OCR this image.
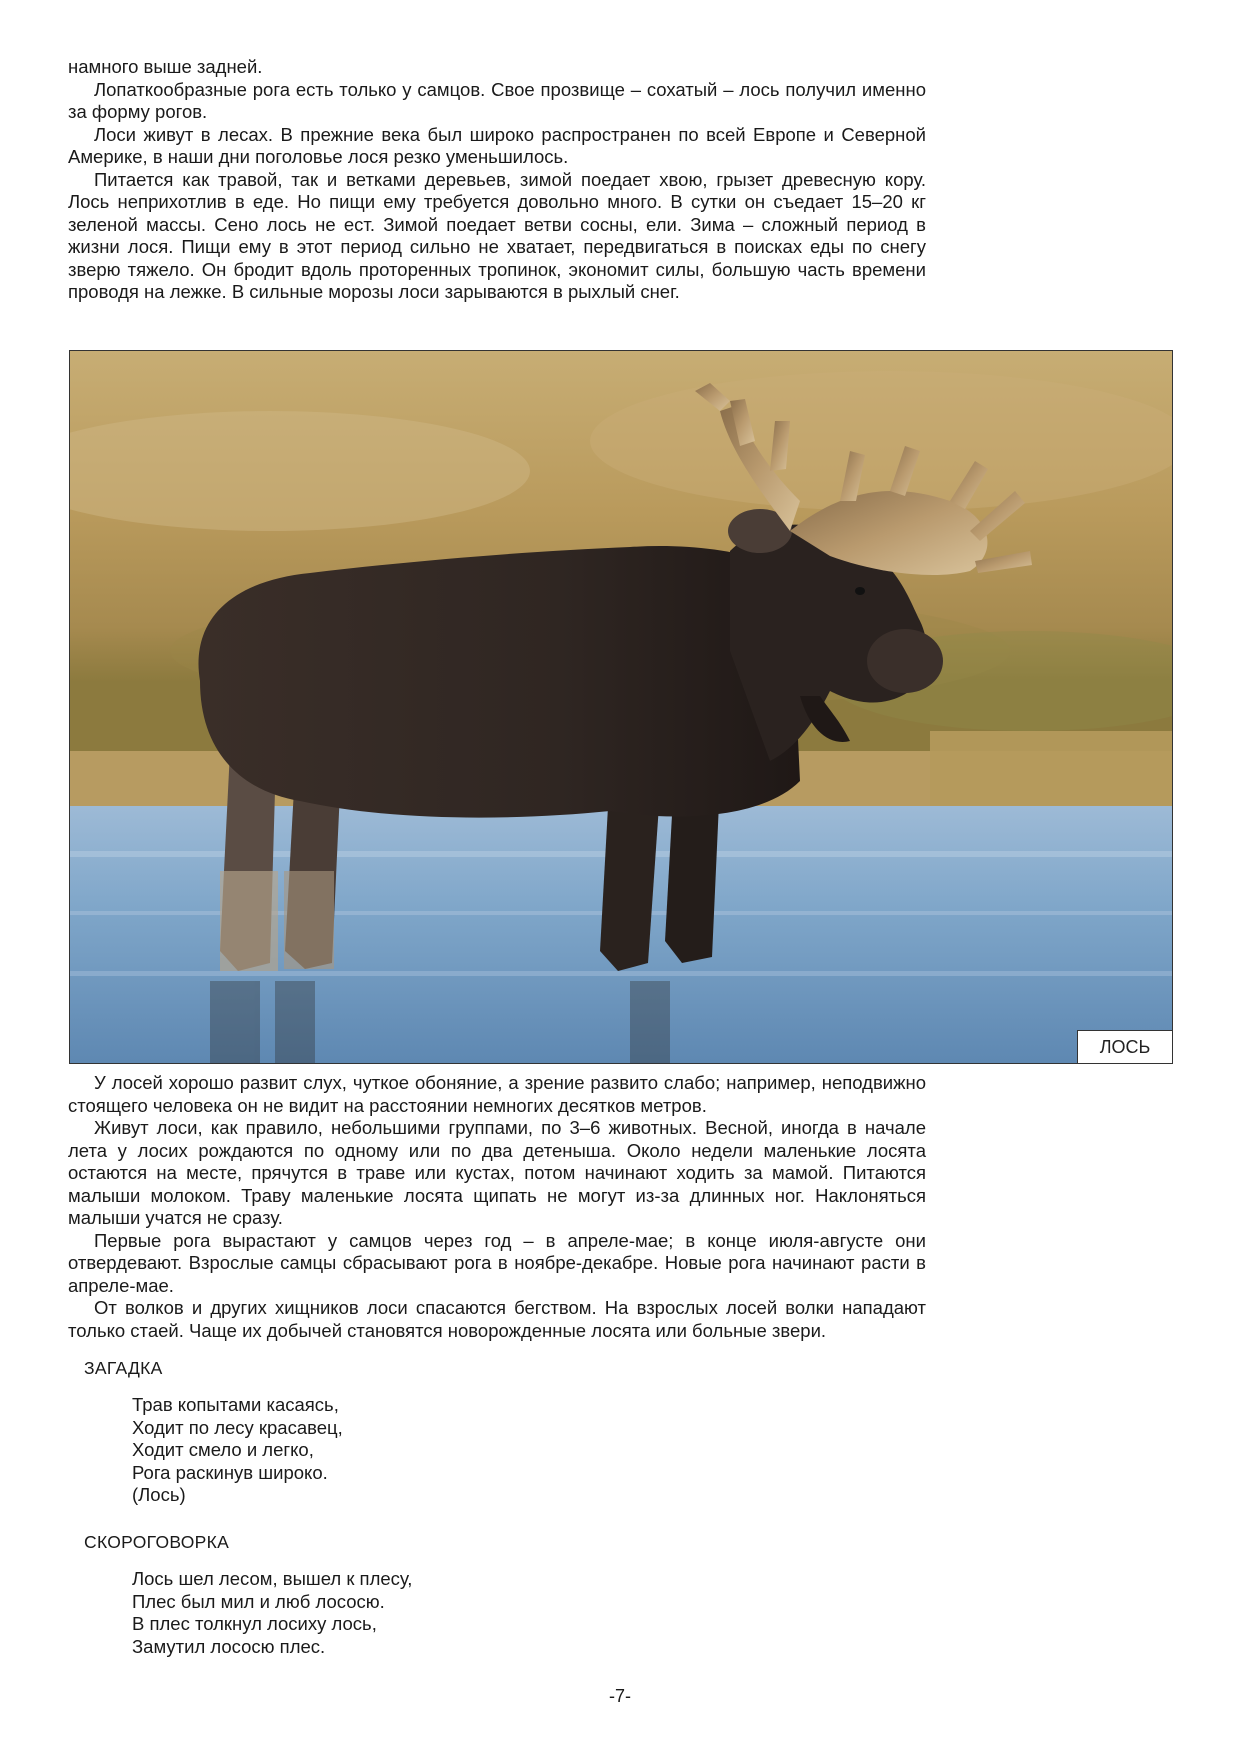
намного выше задней.

Лопаткообразные рога есть только у самцов. Свое прозвище – сохатый – лось получил именно за форму рогов.

Лоси живут в лесах. В прежние века был широко распространен по всей Европе и Северной Америке, в наши дни поголовье лося резко уменьшилось.

Питается как травой, так и ветками деревьев, зимой поедает хвою, грызет древесную кору. Лось неприхотлив в еде. Но пищи ему требуется довольно много. В сутки он съедает 15–20 кг зеленой массы. Сено лось не ест. Зимой поедает ветви сосны, ели. Зима – сложный период в жизни лося. Пищи ему в этот период сильно не хватает, передвигаться в поисках еды по снегу зверю тяжело. Он бродит вдоль проторенных тропинок, экономит силы, большую часть времени проводя на лежке. В сильные морозы лоси зарываются в рыхлый снег.

ЛОСЬ

У лосей хорошо развит слух, чуткое обоняние, а зрение развито слабо; например, неподвижно стоящего человека он не видит на расстоянии немногих десятков метров.

Живут лоси, как правило, небольшими группами, по 3–6 животных. Весной, иногда в начале лета у лосих рождаются по одному или по два детеныша. Около недели маленькие лосята остаются на месте, прячутся в траве или кустах, потом начинают ходить за мамой. Питаются малыши молоком. Траву маленькие лосята щипать не могут из-за длинных ног. Наклоняться малыши учатся не сразу.

Первые рога вырастают у самцов через год – в апреле-мае; в конце июля-августе они отвердевают. Взрослые самцы сбрасывают рога в ноябре-декабре. Новые рога начинают расти в апреле-мае.

От волков и других хищников лоси спасаются бегством. На взрослых лосей волки нападают только стаей. Чаще их добычей становятся новорожденные лосята или больные звери.

ЗАГАДКА
Трав копытами касаясь,
Ходит по лесу красавец,
Ходит смело и легко,
Рога раскинув широко.
(Лось)
СКОРОГОВОРКА
Лось шел лесом, вышел к плесу,
Плес был мил и люб лососю.
В плес толкнул лосиху лось,
Замутил лососю плес.
-7-
